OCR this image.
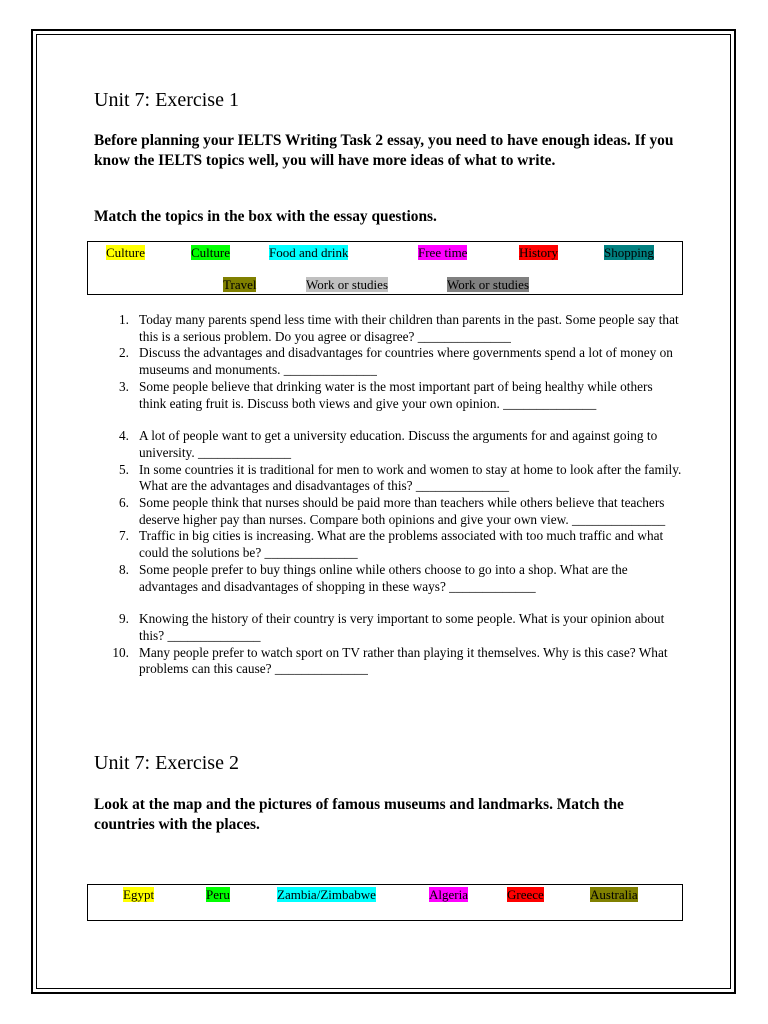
Unit 7: Exercise 1

Before planning your IELTS Writing Task 2 essay, you need to have enough ideas. If you know the IELTS topics well, you will have more ideas of what to write.

Match the topics in the box with the essay questions.

Culture	Culture	Food and drink	Free time	History	Shopping
Travel	Work or studies	Work or studies
1. Today many parents spend less time with their children than parents in the past. Some people say that this is a serious problem. Do you agree or disagree? ______________
2. Discuss the advantages and disadvantages for countries where governments spend a lot of money on museums and monuments. ______________
3. Some people believe that drinking water is the most important part of being healthy while others think eating fruit is. Discuss both views and give your own opinion. ______________
4. A lot of people want to get a university education. Discuss the arguments for and against going to university. ______________
5. In some countries it is traditional for men to work and women to stay at home to look after the family. What are the advantages and disadvantages of this? ______________
6. Some people think that nurses should be paid more than teachers while others believe that teachers deserve higher pay than nurses. Compare both opinions and give your own view. ______________
7. Traffic in big cities is increasing. What are the problems associated with too much traffic and what could the solutions be? ______________
8. Some people prefer to buy things online while others choose to go into a shop. What are the advantages and disadvantages of shopping in these ways? _____________
9. Knowing the history of their country is very important to some people. What is your opinion about this? ______________
10. Many people prefer to watch sport on TV rather than playing it themselves. Why is this case? What problems can this cause? ______________
Unit 7: Exercise 2

Look at the map and the pictures of famous museums and landmarks. Match the countries with the places.

Egypt	Peru	Zambia/Zimbabwe	Algeria	Greece	Australia
